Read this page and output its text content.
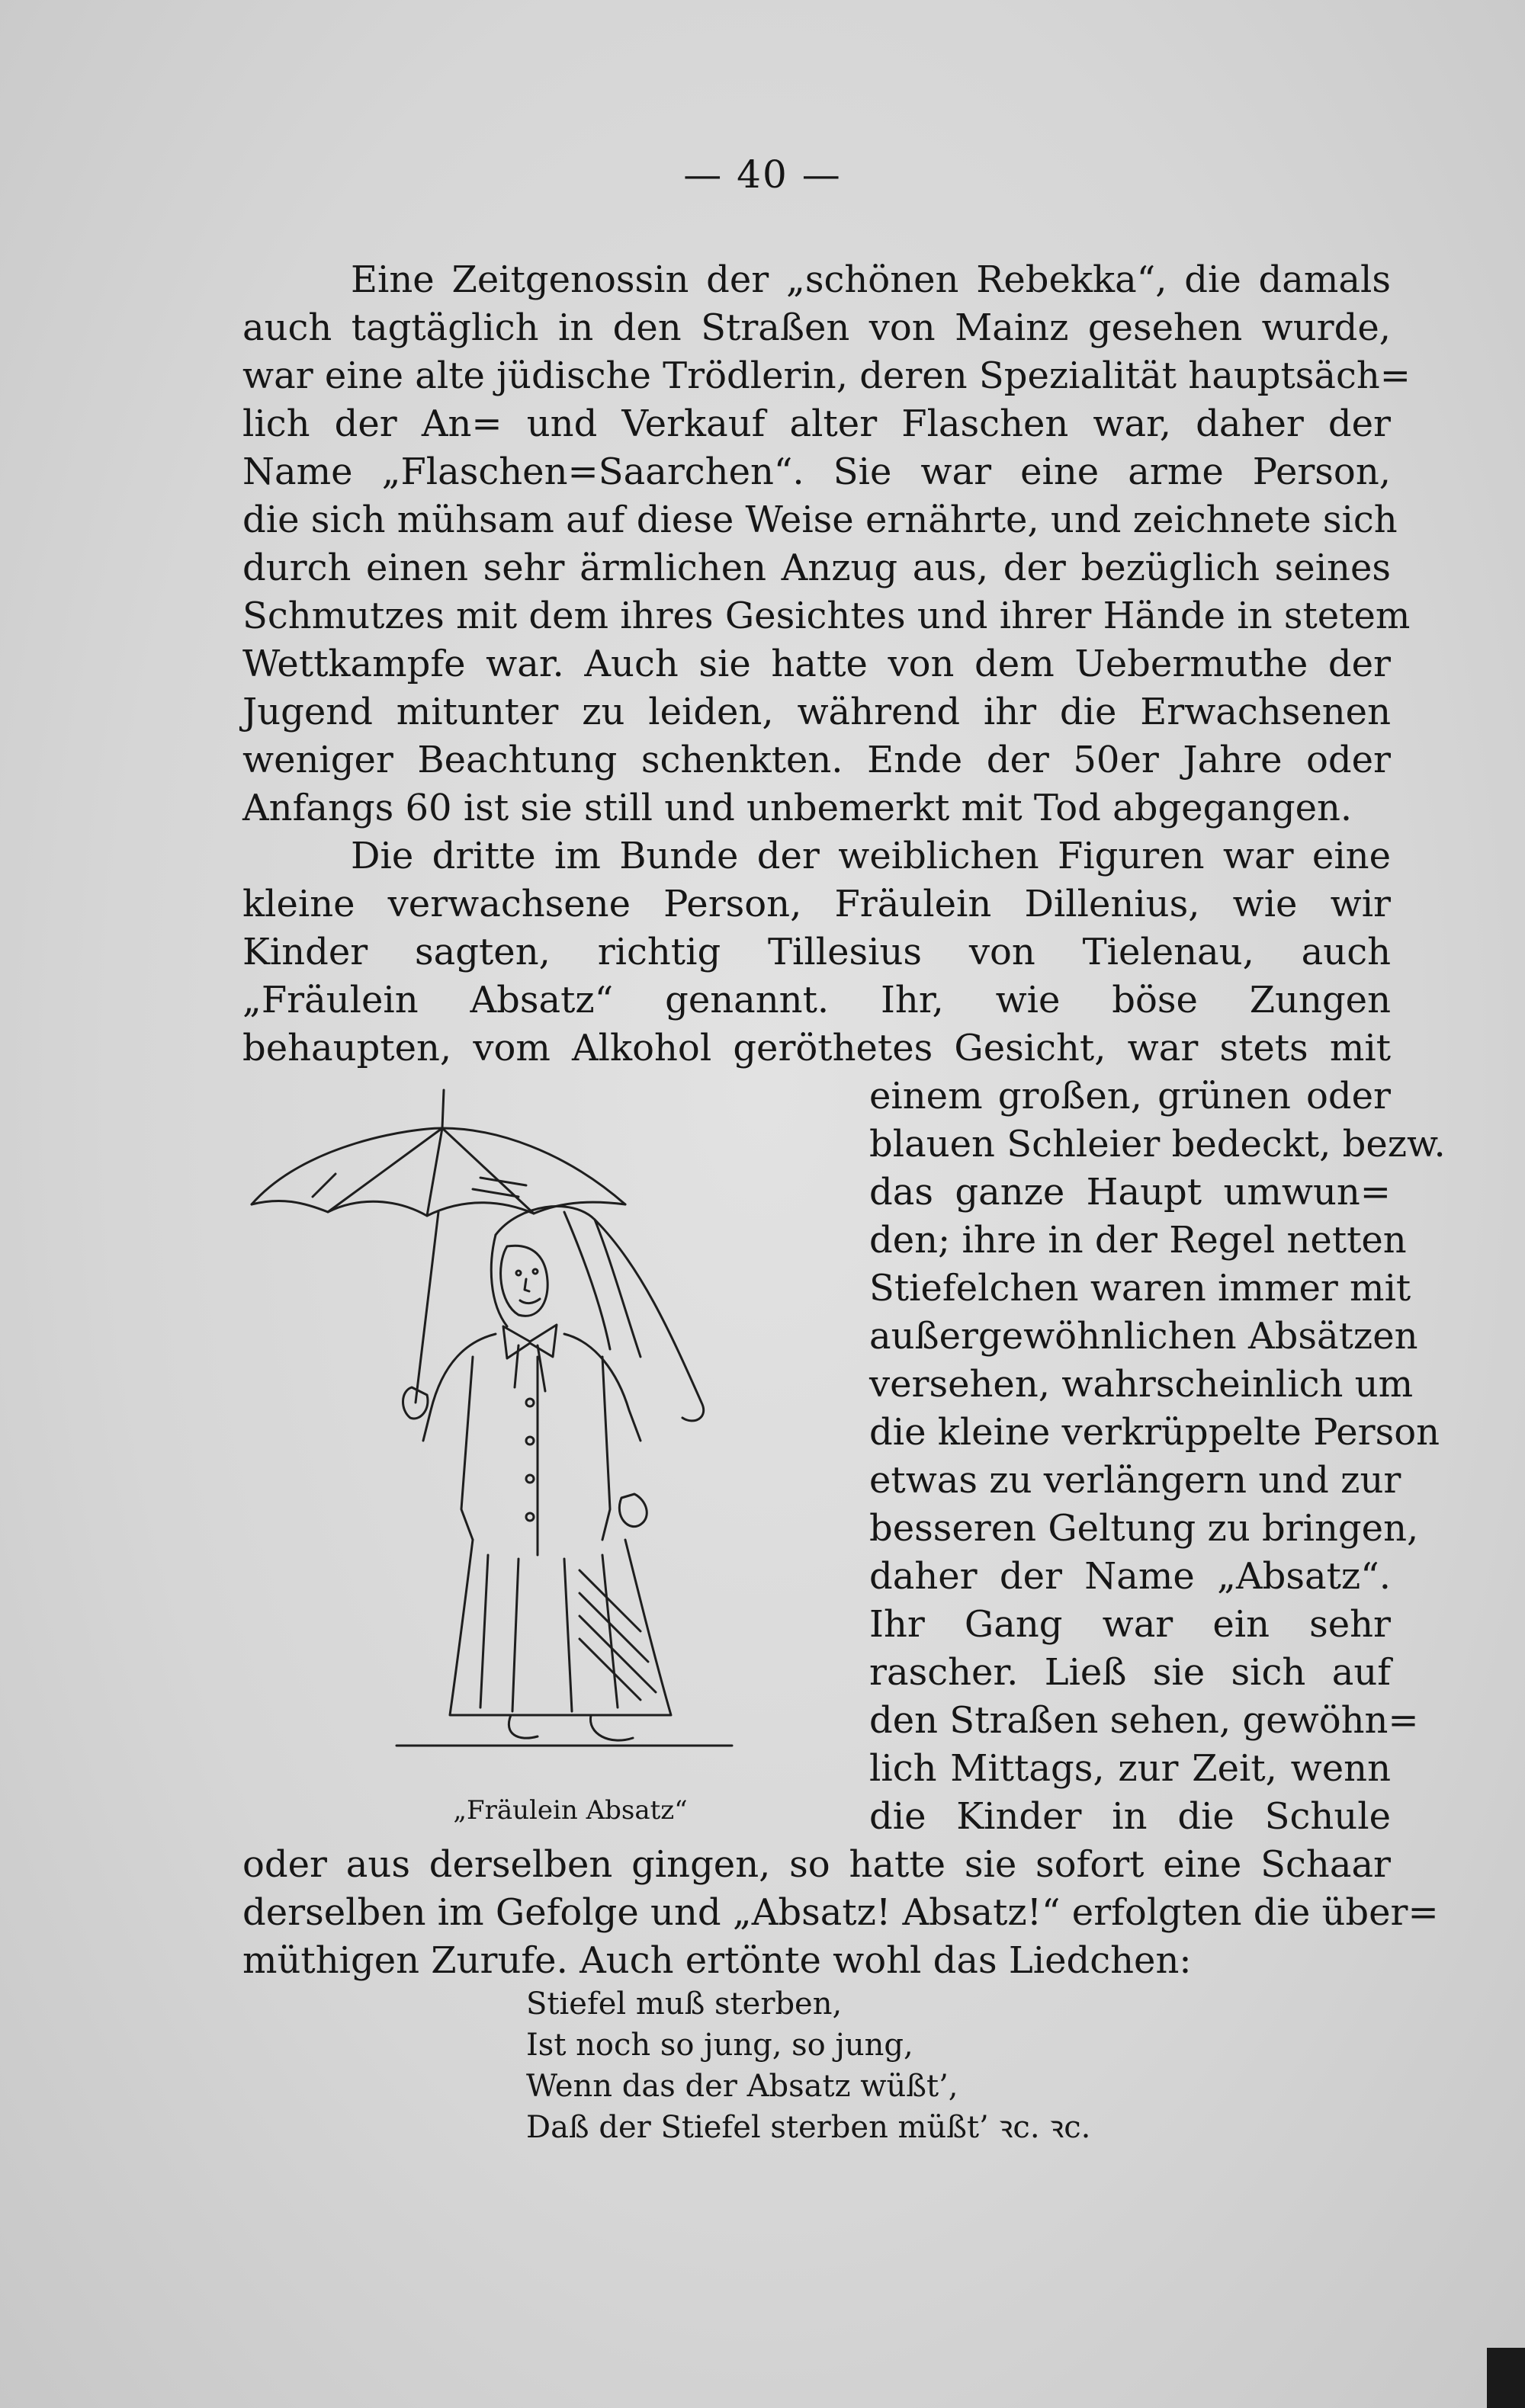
— 40 —
Eine Zeitgenossin der „schönen Rebekka“, die damals
auch tagtäglich in den Straßen von Mainz gesehen wurde,
war eine alte jüdische Trödlerin, deren Spezialität hauptsäch=
lich der An= und Verkauf alter Flaschen war, daher der
Name „Flaschen=Saarchen“. Sie war eine arme Person,
die sich mühsam auf diese Weise ernährte, und zeichnete sich
durch einen sehr ärmlichen Anzug aus, der bezüglich seines
Schmutzes mit dem ihres Gesichtes und ihrer Hände in stetem
Wettkampfe war. Auch sie hatte von dem Uebermuthe der
Jugend mitunter zu leiden, während ihr die Erwachsenen
weniger Beachtung schenkten. Ende der 50er Jahre oder
Anfangs 60 ist sie still und unbemerkt mit Tod abgegangen.
Die dritte im Bunde der weiblichen Figuren war eine
kleine verwachsene Person, Fräulein Dillenius, wie wir
Kinder sagten, richtig Tillesius von Tielenau, auch
„Fräulein Absatz“ genannt. Ihr, wie böse Zungen
behaupten, vom Alkohol geröthetes Gesicht, war stets mit
einem großen, grünen oder
blauen Schleier bedeckt, bezw.
das ganze Haupt umwun=
den; ihre in der Regel netten
Stiefelchen waren immer mit
außergewöhnlichen Absätzen
versehen, wahrscheinlich um
die kleine verkrüppelte Person
etwas zu verlängern und zur
besseren Geltung zu bringen,
daher der Name „Absatz“.
Ihr Gang war ein sehr
rascher. Ließ sie sich auf
den Straßen sehen, gewöhn=
lich Mittags, zur Zeit, wenn
die Kinder in die Schule
oder aus derselben gingen, so hatte sie sofort eine Schaar
derselben im Gefolge und „Absatz! Absatz!“ erfolgten die über=
müthigen Zurufe. Auch ertönte wohl das Liedchen:
„Fräulein Absatz“
Stiefel muß sterben,
Ist noch so jung, so jung,
Wenn das der Absatz wüßt’,
Daß der Stiefel sterben müßt’ ꝛc. ꝛc.
